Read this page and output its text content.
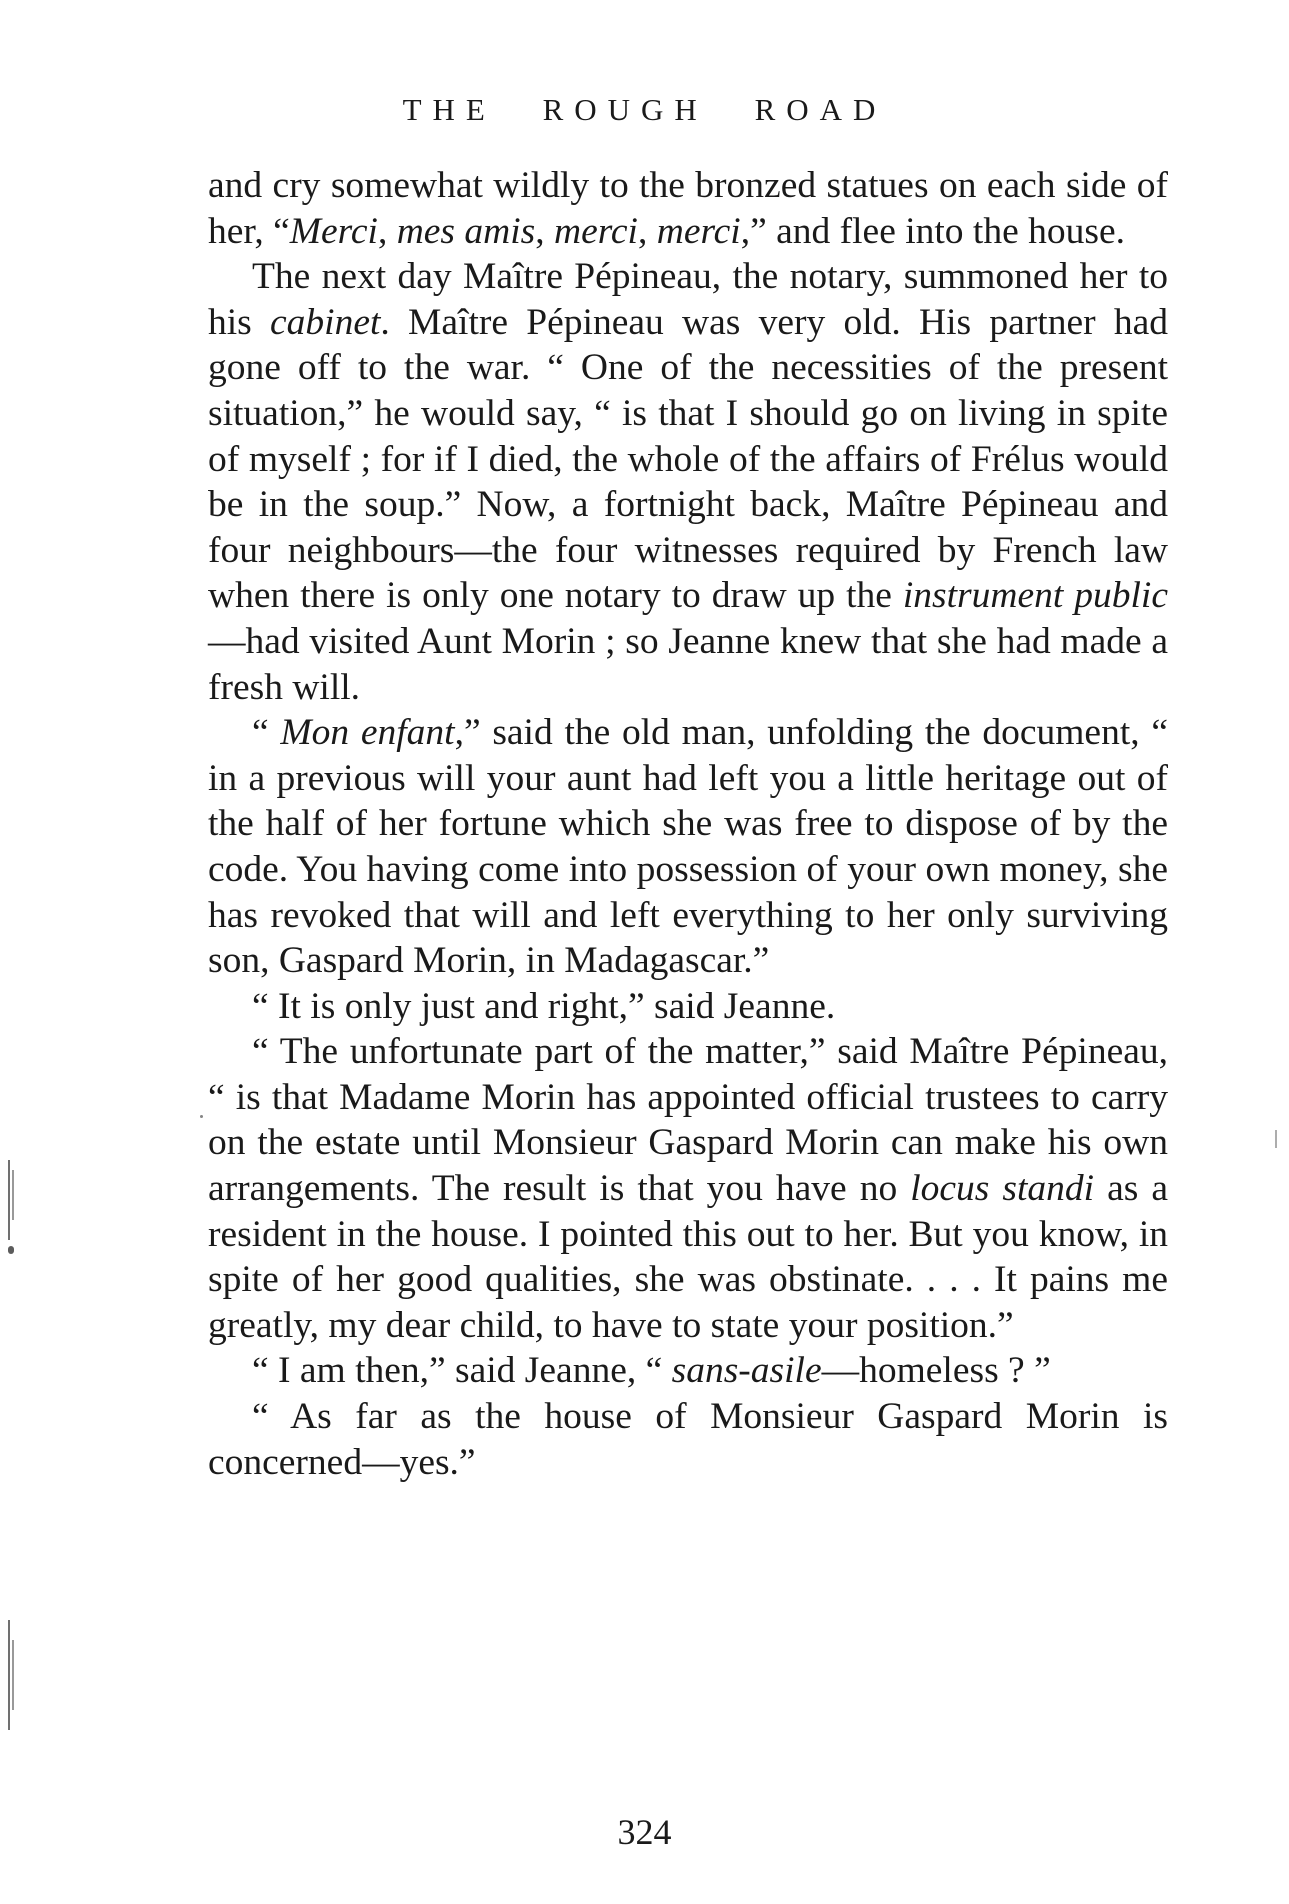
THE ROUGH ROAD

and cry somewhat wildly to the bronzed statues on each side of her, “Merci, mes amis, merci, merci,” and flee into the house.

The next day Maître Pépineau, the notary, summoned her to his cabinet. Maître Pépineau was very old. His partner had gone off to the war. “ One of the necessities of the present situation,” he would say, “ is that I should go on living in spite of myself ; for if I died, the whole of the affairs of Frélus would be in the soup.” Now, a fortnight back, Maître Pépineau and four neighbours—the four witnesses required by French law when there is only one notary to draw up the instrument public—had visited Aunt Morin ; so Jeanne knew that she had made a fresh will.

“ Mon enfant,” said the old man, unfolding the document, “ in a previous will your aunt had left you a little heritage out of the half of her fortune which she was free to dispose of by the code. You having come into possession of your own money, she has revoked that will and left everything to her only surviving son, Gaspard Morin, in Madagascar.”

“ It is only just and right,” said Jeanne.

“ The unfortunate part of the matter,” said Maître Pépineau, “ is that Madame Morin has appointed official trustees to carry on the estate until Monsieur Gaspard Morin can make his own arrangements. The result is that you have no locus standi as a resident in the house. I pointed this out to her. But you know, in spite of her good qualities, she was obstinate. . . . It pains me greatly, my dear child, to have to state your position.”

“ I am then,” said Jeanne, “ sans-asile—homeless ? ”

“ As far as the house of Monsieur Gaspard Morin is concerned—yes.”

324
